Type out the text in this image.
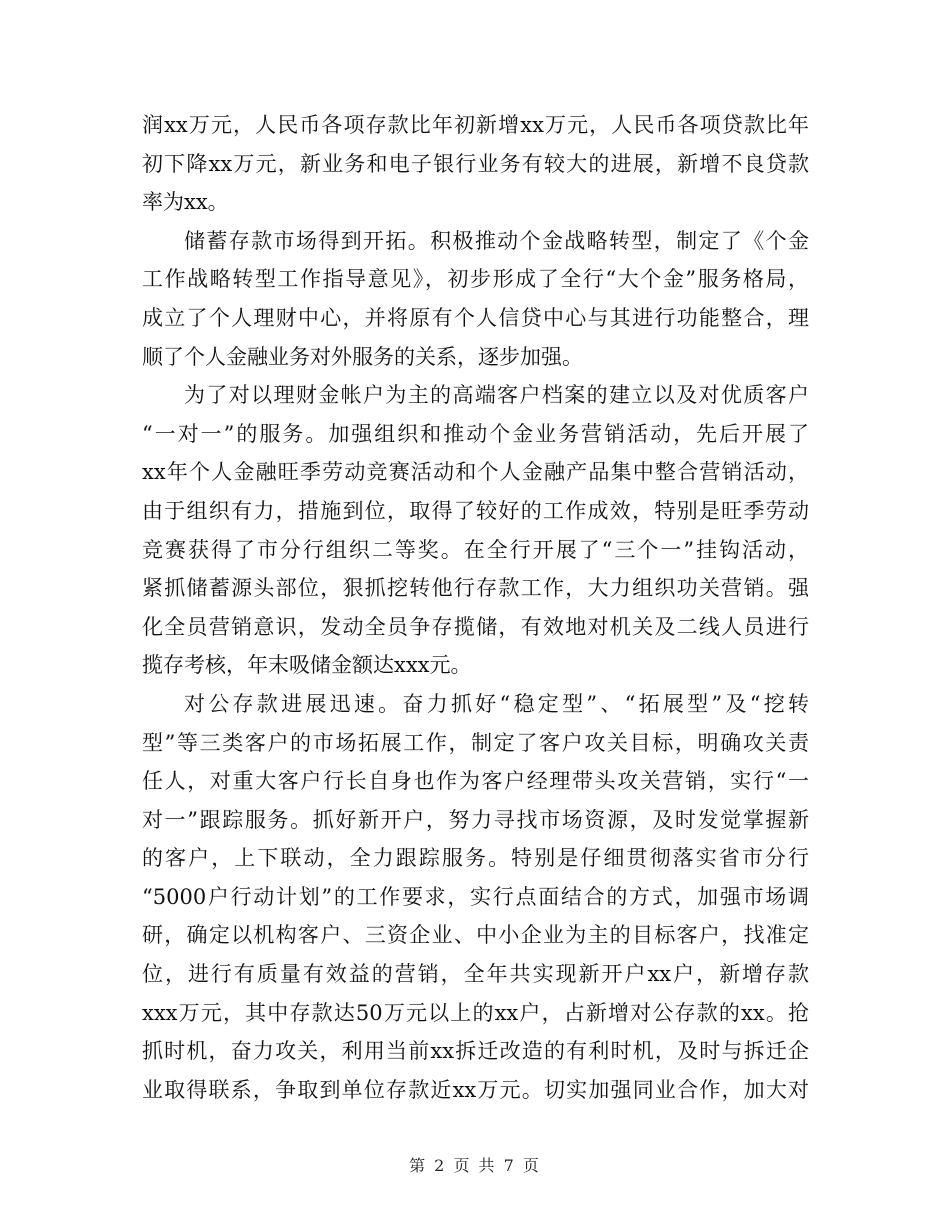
润xx万元，人民币各项存款比年初新增xx万元，人民币各项贷款比年
初下降xx万元，新业务和电子银行业务有较大的进展，新增不良贷款
率为xx。
储蓄存款市场得到开拓。积极推动个金战略转型，制定了《个金
工作战略转型工作指导意见》，初步形成了全行“大个金”服务格局，
成立了个人理财中心，并将原有个人信贷中心与其进行功能整合，理
顺了个人金融业务对外服务的关系，逐步加强。
为了对以理财金帐户为主的高端客户档案的建立以及对优质客户
“一对一”的服务。加强组织和推动个金业务营销活动，先后开展了
xx年个人金融旺季劳动竞赛活动和个人金融产品集中整合营销活动，
由于组织有力，措施到位，取得了较好的工作成效，特别是旺季劳动
竞赛获得了市分行组织二等奖。在全行开展了“三个一”挂钩活动，
紧抓储蓄源头部位，狠抓挖转他行存款工作，大力组织功关营销。强
化全员营销意识，发动全员争存揽储，有效地对机关及二线人员进行
揽存考核，年末吸储金额达xxx元。
对公存款进展迅速。奋力抓好“稳定型”、“拓展型”及“挖转
型”等三类客户的市场拓展工作，制定了客户攻关目标，明确攻关责
任人，对重大客户行长自身也作为客户经理带头攻关营销，实行“一
对一”跟踪服务。抓好新开户，努力寻找市场资源，及时发觉掌握新
的客户，上下联动，全力跟踪服务。特别是仔细贯彻落实省市分行
“5000户行动计划”的工作要求，实行点面结合的方式，加强市场调
研，确定以机构客户、三资企业、中小企业为主的目标客户，找准定
位，进行有质量有效益的营销，全年共实现新开户xx户，新增存款
xxx万元，其中存款达50万元以上的xx户，占新增对公存款的xx。抢
抓时机，奋力攻关，利用当前xx拆迁改造的有利时机，及时与拆迁企
业取得联系，争取到单位存款近xx万元。切实加强同业合作，加大对
第 2 页 共 7 页
